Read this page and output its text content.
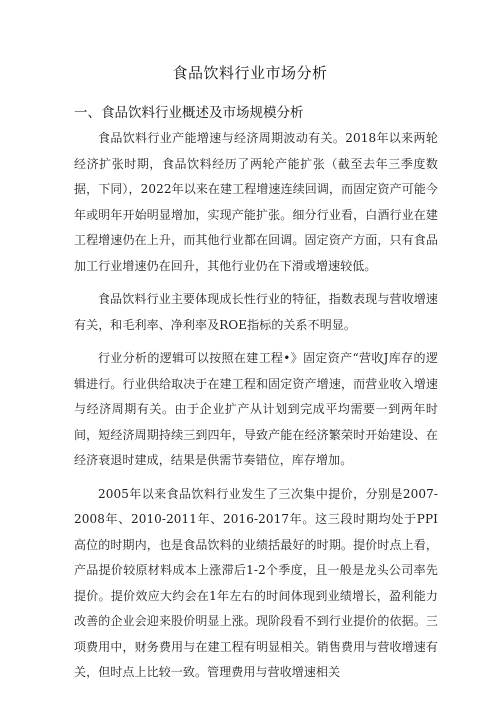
食品饮料行业市场分析
一、食品饮料行业概述及市场规模分析

食品饮料行业产能增速与经济周期波动有关。2018年以来两轮经济扩张时期，食品饮料经历了两轮产能扩张（截至去年三季度数据，下同），2022年以来在建工程增速连续回调，而固定资产可能今年或明年开始明显增加，实现产能扩张。细分行业看，白酒行业在建工程增速仍在上升，而其他行业都在回调。固定资产方面，只有食品加工行业增速仍在回升，其他行业仍在下滑或增速较低。

食品饮料行业主要体现成长性行业的特征，指数表现与营收增速有关，和毛利率、净利率及ROE指标的关系不明显。

行业分析的逻辑可以按照在建工程•》固定资产“营收J库存的逻辑进行。行业供给取决于在建工程和固定资产增速，而营业收入增速与经济周期有关。由于企业扩产从计划到完成平均需要一到两年时间，短经济周期持续三到四年，导致产能在经济繁荣时开始建设、在经济衰退时建成，结果是供需节奏错位，库存增加。

2005年以来食品饮料行业发生了三次集中提价，分别是2007-2008年、2010-2011年、2016-2017年。这三段时期均处于PPI高位的时期内，也是食品饮料的业绩括最好的时期。提价时点上看，产品提价较原材料成本上涨滞后1-2个季度，且一般是龙头公司率先提价。提价效应大约会在1年左右的时间体现到业绩增长，盈利能力改善的企业会迎来股价明显上涨。现阶段看不到行业提价的依据。三项费用中，财务费用与在建工程有明显相关。销售费用与营收增速有关，但时点上比较一致。管理费用与营收增速相关
